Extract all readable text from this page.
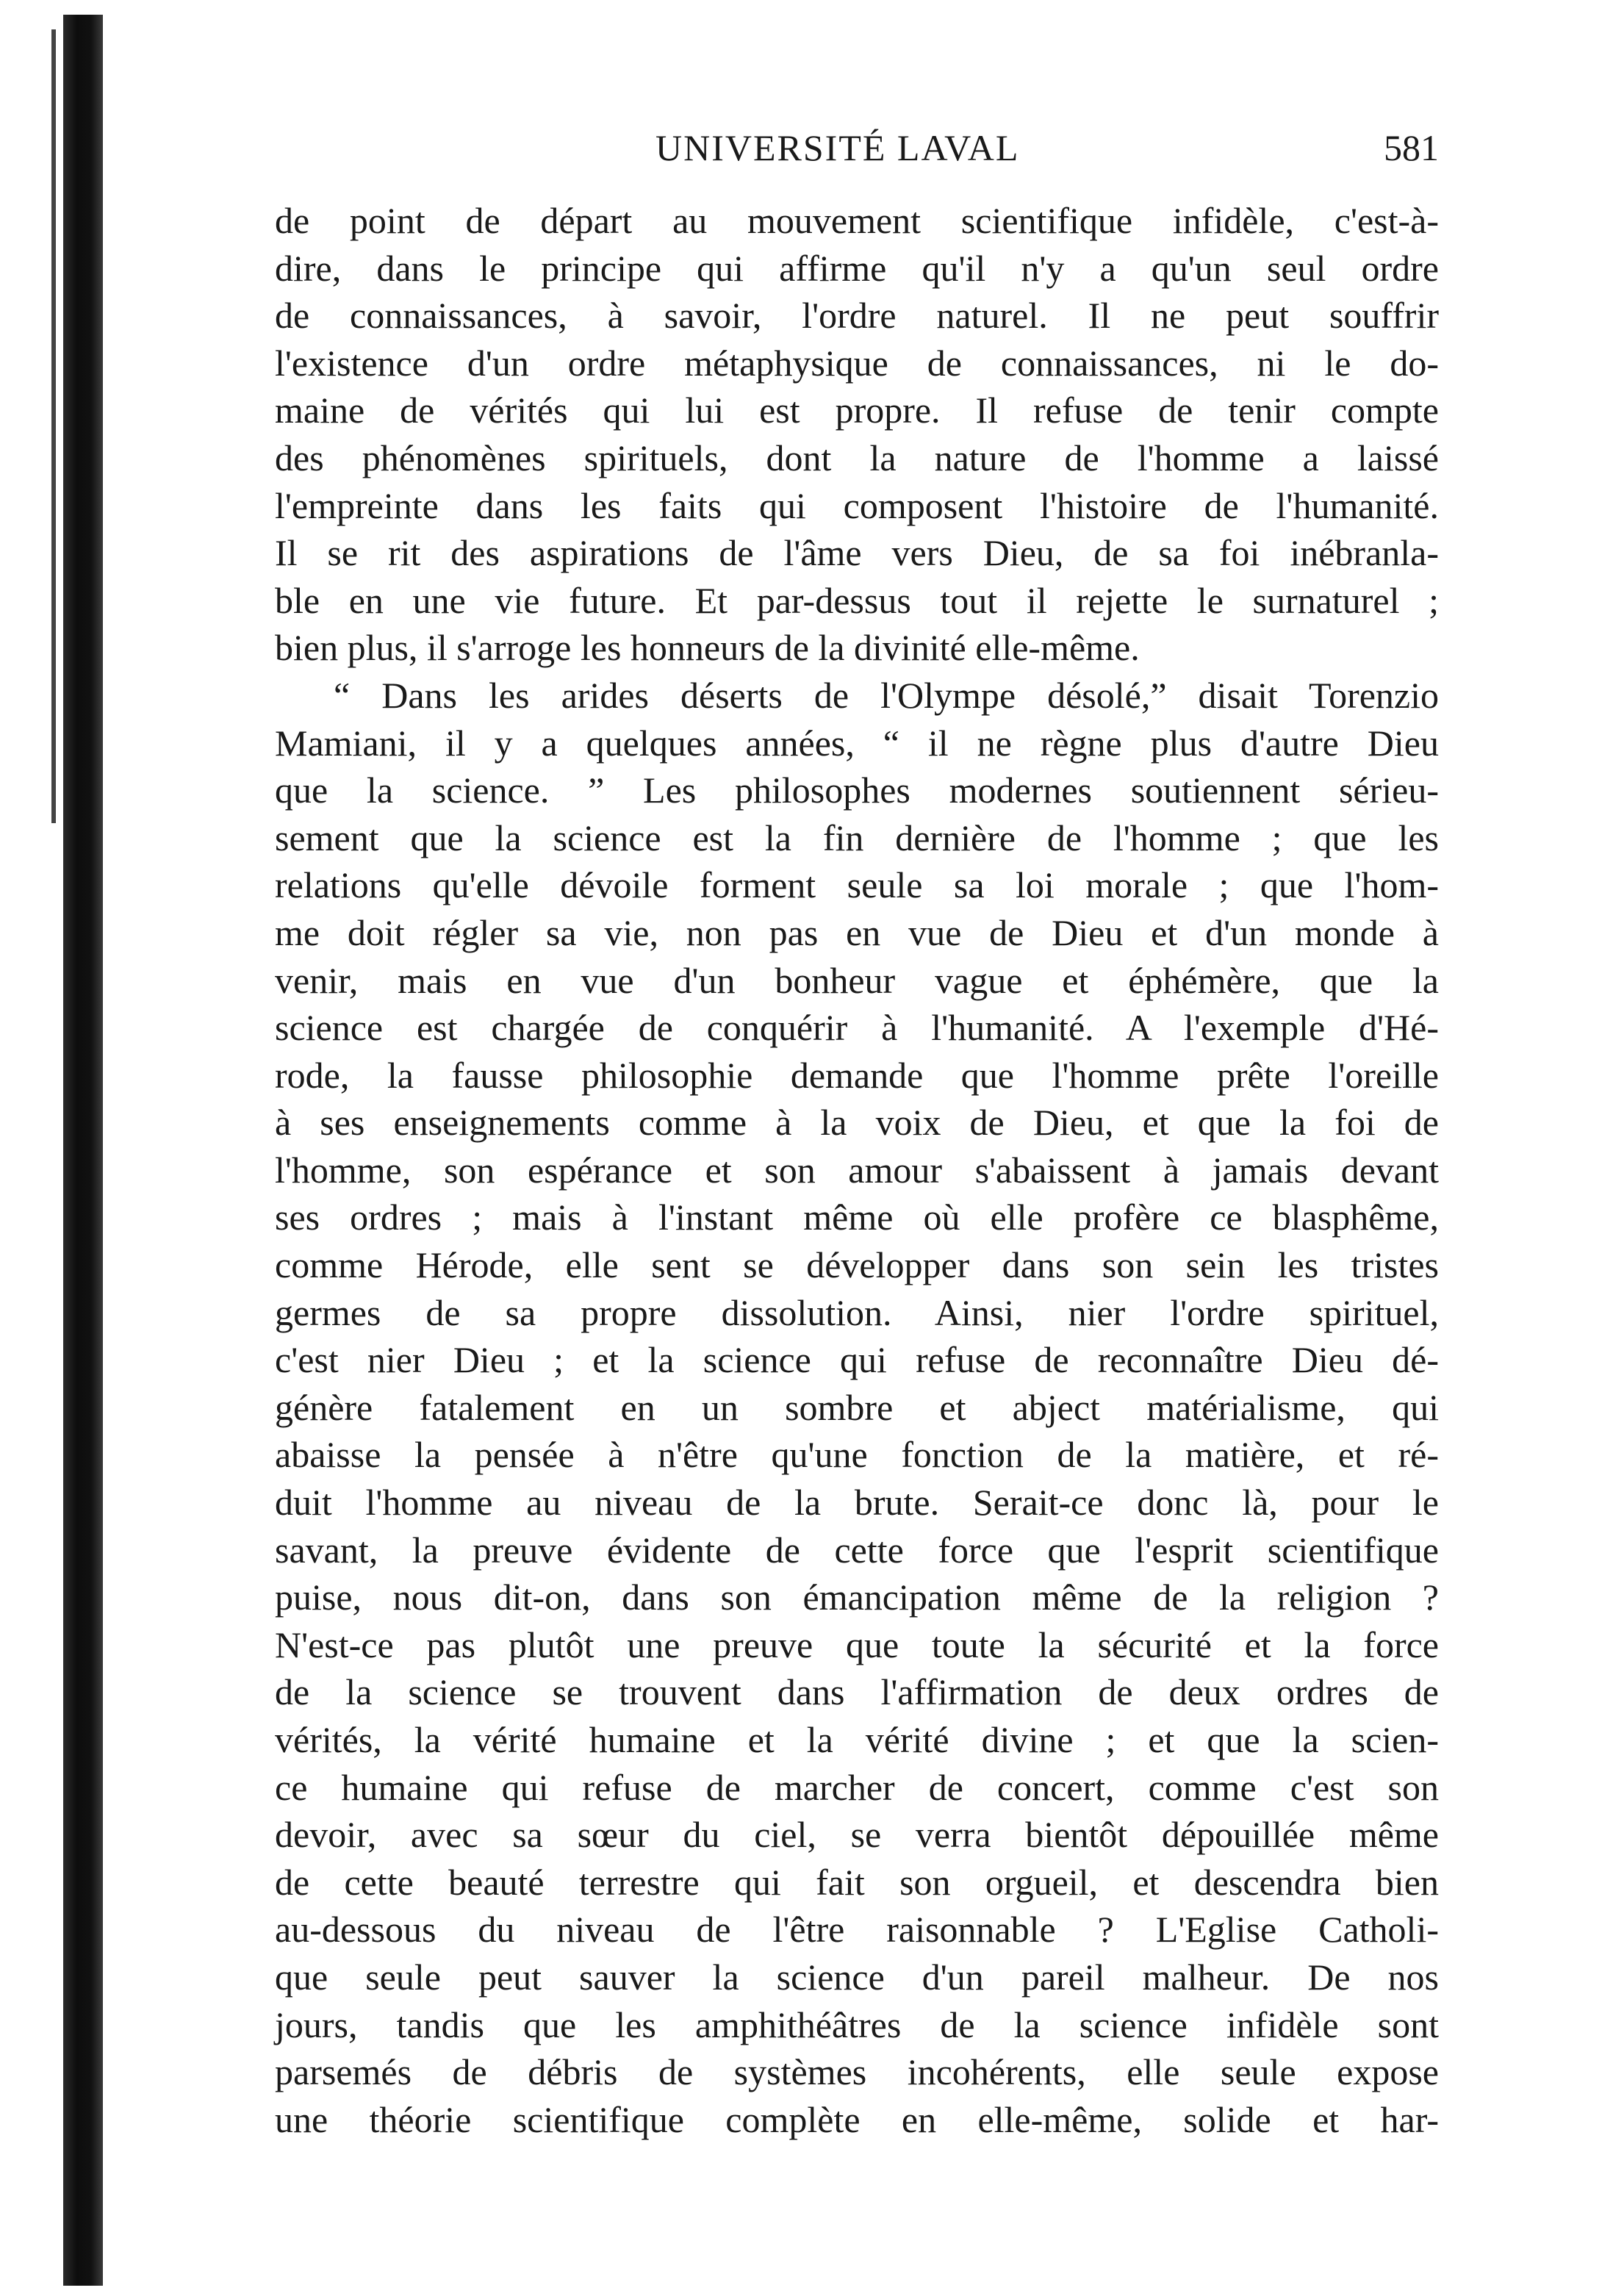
UNIVERSITÉ LAVAL	581
de point de départ au mouvement scientifique infidèle, c'est-à-
dire, dans le principe qui affirme qu'il n'y a qu'un seul ordre
de connaissances, à savoir, l'ordre naturel. Il ne peut souffrir
l'existence d'un ordre métaphysique de connaissances, ni le do-
maine de vérités qui lui est propre. Il refuse de tenir compte
des phénomènes spirituels, dont la nature de l'homme a laissé
l'empreinte dans les faits qui composent l'histoire de l'humanité.
Il se rit des aspirations de l'âme vers Dieu, de sa foi inébranla-
ble en une vie future. Et par-dessus tout il rejette le surnaturel ;
bien plus, il s'arroge les honneurs de la divinité elle-même.
“ Dans les arides déserts de l'Olympe désolé,” disait Torenzio
Mamiani, il y a quelques années, “ il ne règne plus d'autre Dieu
que la science. ” Les philosophes modernes soutiennent sérieu-
sement que la science est la fin dernière de l'homme ; que les
relations qu'elle dévoile forment seule sa loi morale ; que l'hom-
me doit régler sa vie, non pas en vue de Dieu et d'un monde à
venir, mais en vue d'un bonheur vague et éphémère, que la
science est chargée de conquérir à l'humanité. A l'exemple d'Hé-
rode, la fausse philosophie demande que l'homme prête l'oreille
à ses enseignements comme à la voix de Dieu, et que la foi de
l'homme, son espérance et son amour s'abaissent à jamais devant
ses ordres ; mais à l'instant même où elle profère ce blasphême,
comme Hérode, elle sent se développer dans son sein les tristes
germes de sa propre dissolution. Ainsi, nier l'ordre spirituel,
c'est nier Dieu ; et la science qui refuse de reconnaître Dieu dé-
génère fatalement en un sombre et abject matérialisme, qui
abaisse la pensée à n'être qu'une fonction de la matière, et ré-
duit l'homme au niveau de la brute. Serait-ce donc là, pour le
savant, la preuve évidente de cette force que l'esprit scientifique
puise, nous dit-on, dans son émancipation même de la religion ?
N'est-ce pas plutôt une preuve que toute la sécurité et la force
de la science se trouvent dans l'affirmation de deux ordres de
vérités, la vérité humaine et la vérité divine ; et que la scien-
ce humaine qui refuse de marcher de concert, comme c'est son
devoir, avec sa sœur du ciel, se verra bientôt dépouillée même
de cette beauté terrestre qui fait son orgueil, et descendra bien
au-dessous du niveau de l'être raisonnable ? L'Eglise Catholi-
que seule peut sauver la science d'un pareil malheur. De nos
jours, tandis que les amphithéâtres de la science infidèle sont
parsemés de débris de systèmes incohérents, elle seule expose
une théorie scientifique complète en elle-même, solide et har-
